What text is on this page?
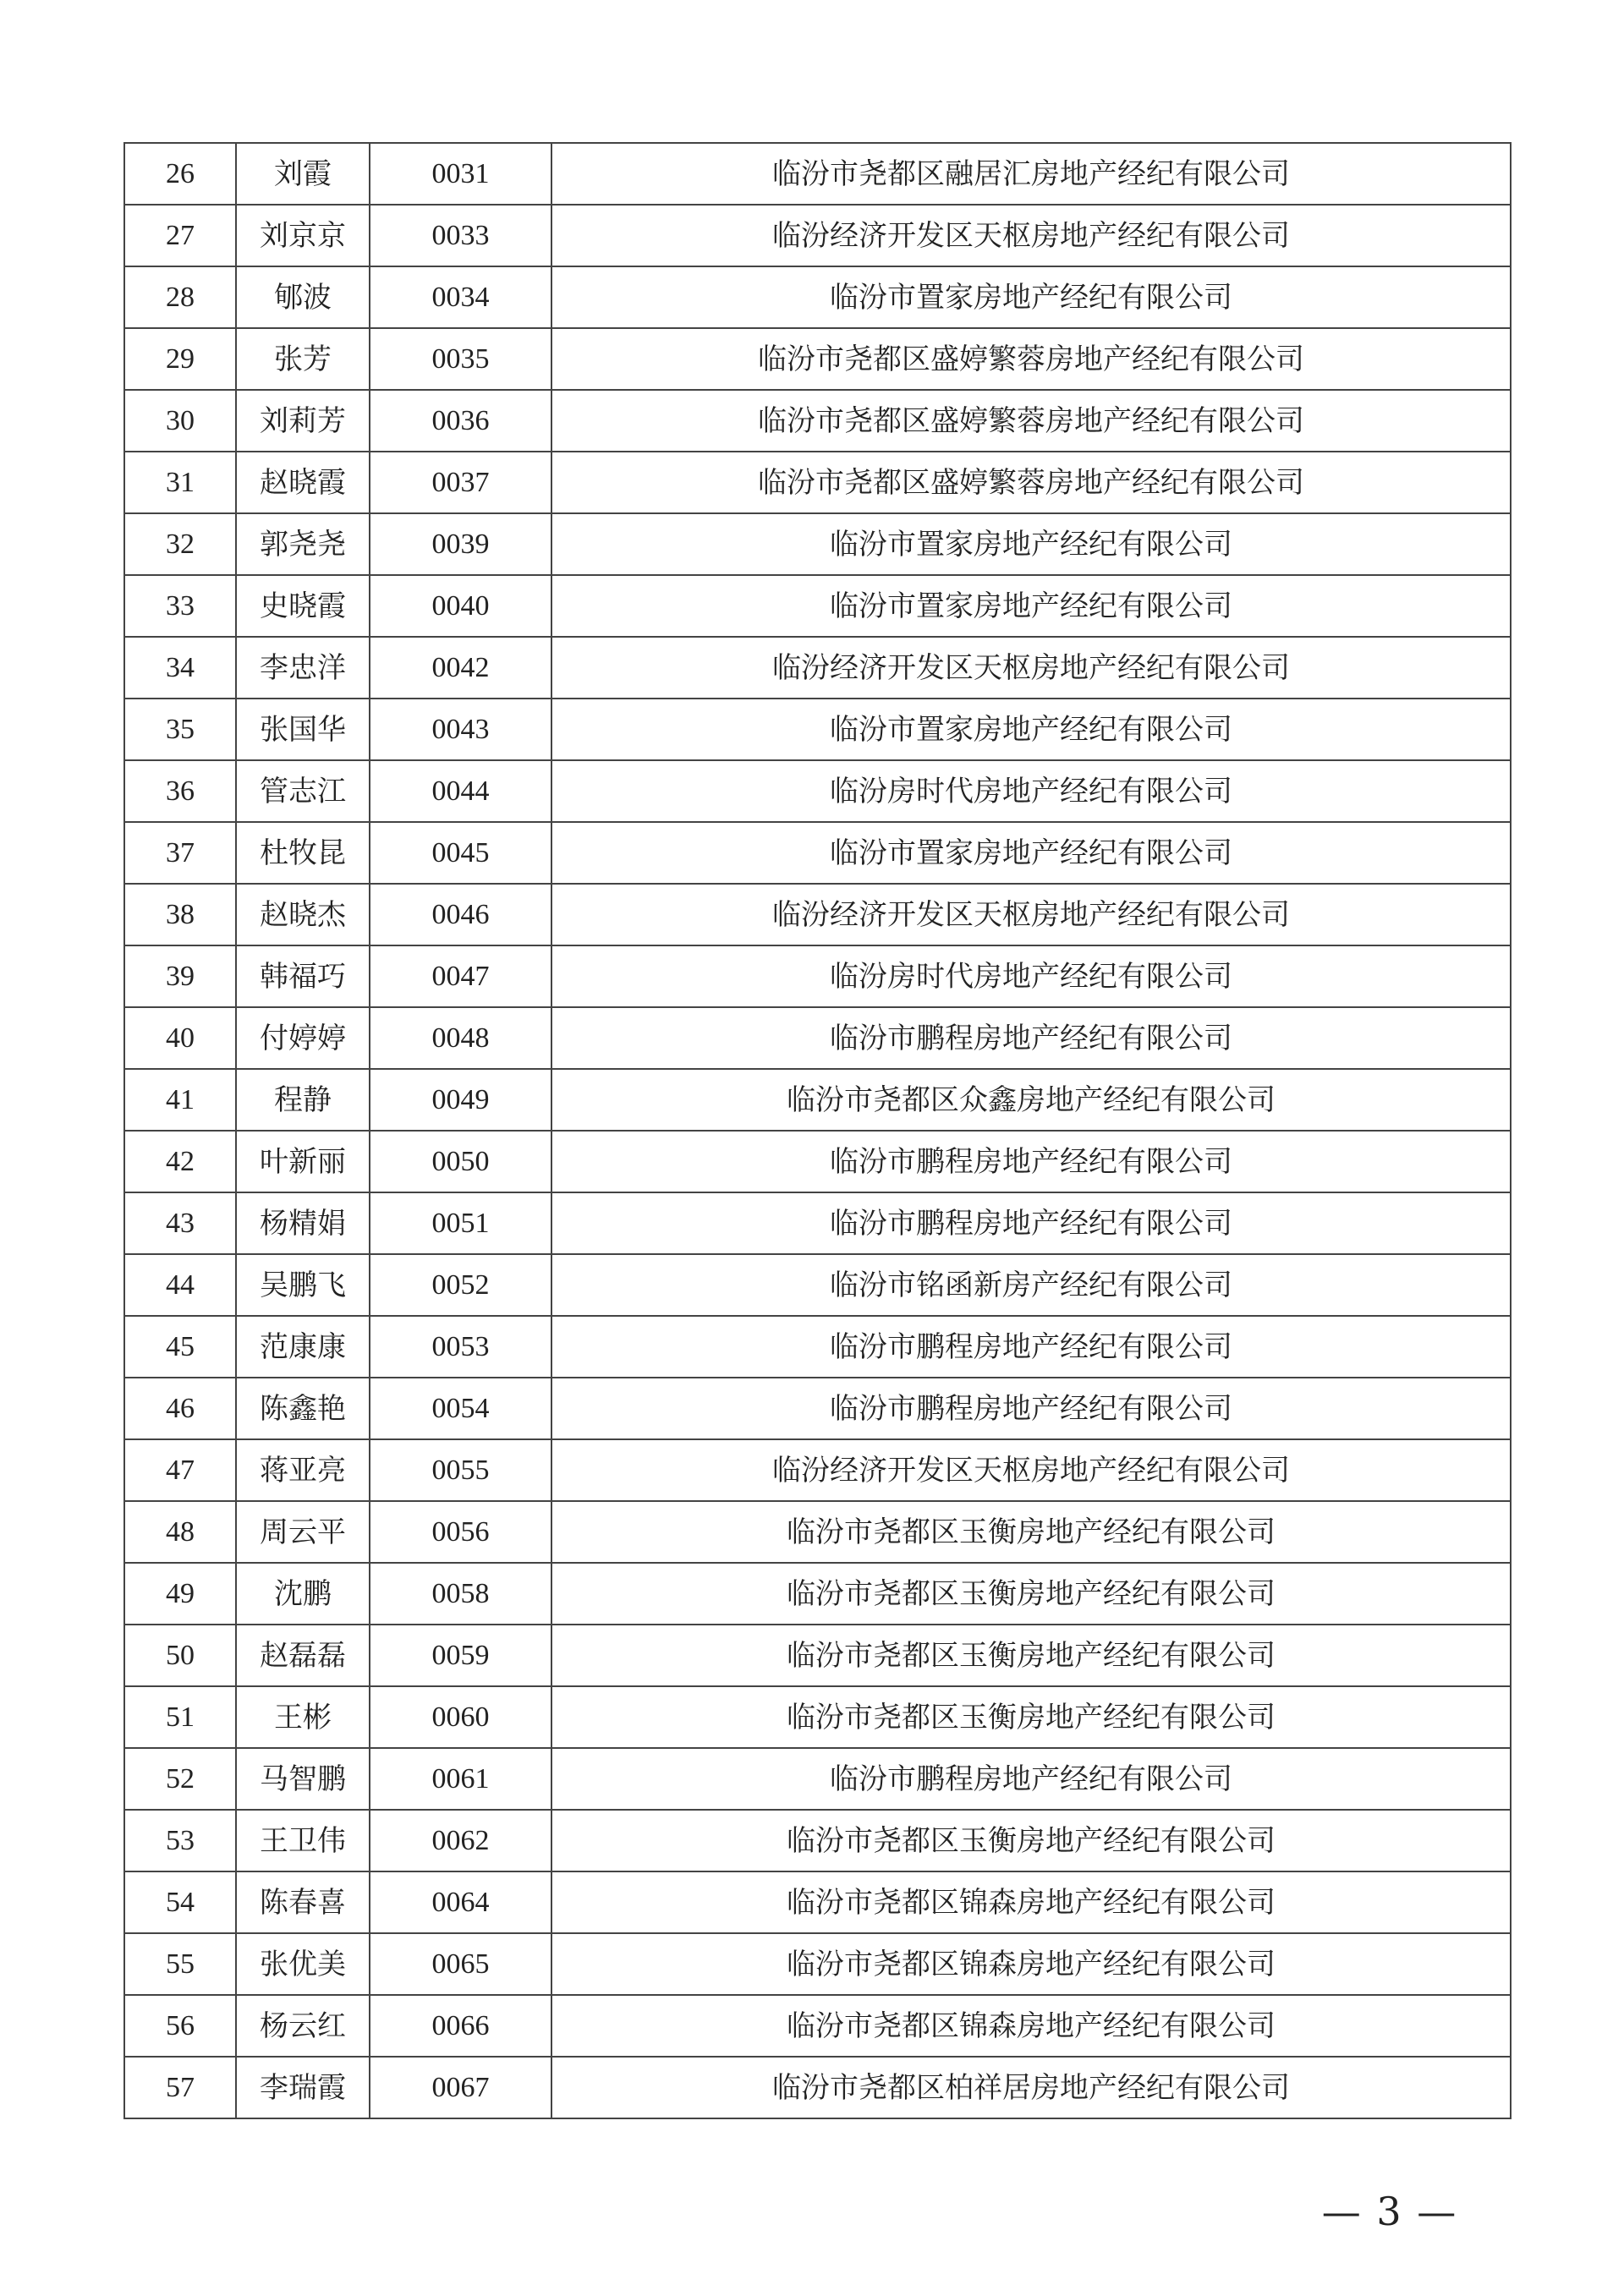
26	刘霞	0031	临汾市尧都区融居汇房地产经纪有限公司
27	刘京京	0033	临汾经济开发区天枢房地产经纪有限公司
28	郇波	0034	临汾市置家房地产经纪有限公司
29	张芳	0035	临汾市尧都区盛婷繁蓉房地产经纪有限公司
30	刘莉芳	0036	临汾市尧都区盛婷繁蓉房地产经纪有限公司
31	赵晓霞	0037	临汾市尧都区盛婷繁蓉房地产经纪有限公司
32	郭尧尧	0039	临汾市置家房地产经纪有限公司
33	史晓霞	0040	临汾市置家房地产经纪有限公司
34	李忠洋	0042	临汾经济开发区天枢房地产经纪有限公司
35	张国华	0043	临汾市置家房地产经纪有限公司
36	管志江	0044	临汾房时代房地产经纪有限公司
37	杜牧昆	0045	临汾市置家房地产经纪有限公司
38	赵晓杰	0046	临汾经济开发区天枢房地产经纪有限公司
39	韩福巧	0047	临汾房时代房地产经纪有限公司
40	付婷婷	0048	临汾市鹏程房地产经纪有限公司
41	程静	0049	临汾市尧都区众鑫房地产经纪有限公司
42	叶新丽	0050	临汾市鹏程房地产经纪有限公司
43	杨精娟	0051	临汾市鹏程房地产经纪有限公司
44	吴鹏飞	0052	临汾市铭函新房产经纪有限公司
45	范康康	0053	临汾市鹏程房地产经纪有限公司
46	陈鑫艳	0054	临汾市鹏程房地产经纪有限公司
47	蒋亚亮	0055	临汾经济开发区天枢房地产经纪有限公司
48	周云平	0056	临汾市尧都区玉衡房地产经纪有限公司
49	沈鹏	0058	临汾市尧都区玉衡房地产经纪有限公司
50	赵磊磊	0059	临汾市尧都区玉衡房地产经纪有限公司
51	王彬	0060	临汾市尧都区玉衡房地产经纪有限公司
52	马智鹏	0061	临汾市鹏程房地产经纪有限公司
53	王卫伟	0062	临汾市尧都区玉衡房地产经纪有限公司
54	陈春喜	0064	临汾市尧都区锦森房地产经纪有限公司
55	张优美	0065	临汾市尧都区锦森房地产经纪有限公司
56	杨云红	0066	临汾市尧都区锦森房地产经纪有限公司
57	李瑞霞	0067	临汾市尧都区柏祥居房地产经纪有限公司
— 3 —
